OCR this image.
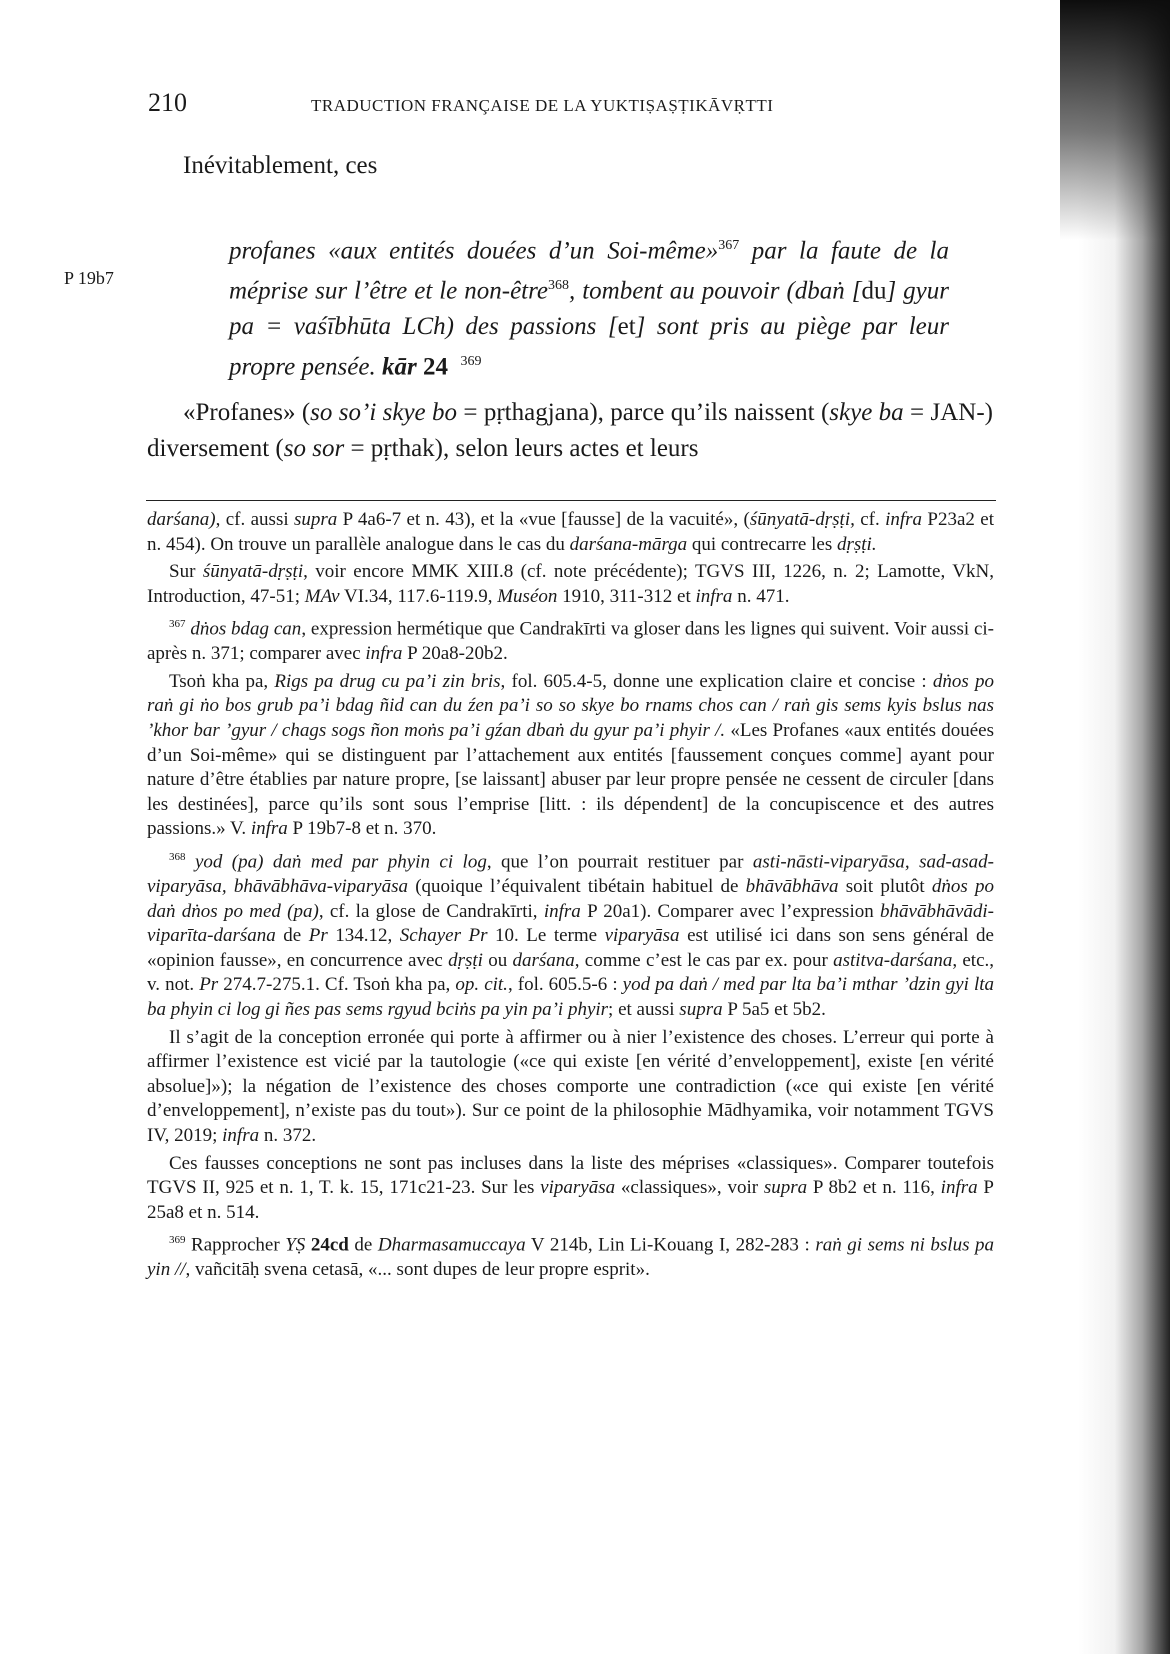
210	TRADUCTION FRANÇAISE DE LA YUKTIṢAṢṬIKĀVṚTTI
P 19b7
Inévitablement, ces
profanes «aux entités douées d’un Soi-même»$^{367}$ par la faute de la méprise sur l’être et le non-être$^{368}$, tombent au pouvoir (dbaṅ [du] gyur pa = vaśībhūta LCh) des passions [et] sont pris au piège par leur propre pensée. kār 24 $^{369}$
«Profanes» (so so’i skye bo = pṛthagjana), parce qu’ils naissent (skye ba = JAN-) diversement (so sor = pṛthak), selon leurs actes et leurs

darśana), cf. aussi supra P 4a6-7 et n. 43), et la «vue [fausse] de la vacuité», (śūnyatā-dṛṣṭi, cf. infra P23a2 et n. 454). On trouve un parallèle analogue dans le cas du darśana-mārga qui contrecarre les dṛṣṭi.

Sur śūnyatā-dṛṣṭi, voir encore MMK XIII.8 (cf. note précédente); TGVS III, 1226, n. 2; Lamotte, VkN, Introduction, 47-51; MAv VI.34, 117.6-119.9, Muséon 1910, 311-312 et infra n. 471.

$^{367}$ dṅos bdag can, expression hermétique que Candrakīrti va gloser dans les lignes qui suivent. Voir aussi ci-après n. 371; comparer avec infra P 20a8-20b2.

Tsoṅ kha pa, Rigs pa drug cu pa’i zin bris, fol. 605.4-5, donne une explication claire et concise : dṅos po raṅ gi ṅo bos grub pa’i bdag ñid can du źen pa’i so so skye bo rnams chos can / raṅ gis sems kyis bslus nas ’khor bar ’gyur / chags sogs ñon moṅs pa’i gźan dbaṅ du gyur pa’i phyir /. «Les Profanes «aux entités douées d’un Soi-même» qui se distinguent par l’attachement aux entités [faussement conçues comme] ayant pour nature d’être établies par nature propre, [se laissant] abuser par leur propre pensée ne cessent de circuler [dans les destinées], parce qu’ils sont sous l’emprise [litt. : ils dépendent] de la concupiscence et des autres passions.» V. infra P 19b7-8 et n. 370.

$^{368}$ yod (pa) daṅ med par phyin ci log, que l’on pourrait restituer par asti-nāsti-viparyāsa, sad-asad-viparyāsa, bhāvābhāva-viparyāsa (quoique l’équivalent tibétain habituel de bhāvābhāva soit plutôt dṅos po daṅ dṅos po med (pa), cf. la glose de Candrakīrti, infra P 20a1). Comparer avec l’expression bhāvābhāvādi-viparīta-darśana de Pr 134.12, Schayer Pr 10. Le terme viparyāsa est utilisé ici dans son sens général de «opinion fausse», en concurrence avec dṛṣṭi ou darśana, comme c’est le cas par ex. pour astitva-darśana, etc., v. not. Pr 274.7-275.1. Cf. Tsoṅ kha pa, op. cit., fol. 605.5-6 : yod pa daṅ / med par lta ba’i mthar ’dzin gyi lta ba phyin ci log gi ñes pas sems rgyud bciṅs pa yin pa’i phyir; et aussi supra P 5a5 et 5b2.

Il s’agit de la conception erronée qui porte à affirmer ou à nier l’existence des choses. L’erreur qui porte à affirmer l’existence est vicié par la tautologie («ce qui existe [en vérité d’enveloppement], existe [en vérité absolue]»); la négation de l’existence des choses comporte une contradiction («ce qui existe [en vérité d’enveloppement], n’existe pas du tout»). Sur ce point de la philosophie Mādhyamika, voir notamment TGVS IV, 2019; infra n. 372.

Ces fausses conceptions ne sont pas incluses dans la liste des méprises «classiques». Comparer toutefois TGVS II, 925 et n. 1, T. k. 15, 171c21-23. Sur les viparyāsa «classiques», voir supra P 8b2 et n. 116, infra P 25a8 et n. 514.

$^{369}$ Rapprocher YṢ 24cd de Dharmasamuccaya V 214b, Lin Li-Kouang I, 282-283 : raṅ gi sems ni bslus pa yin //, vañcitāḥ svena cetasā, «... sont dupes de leur propre esprit».
